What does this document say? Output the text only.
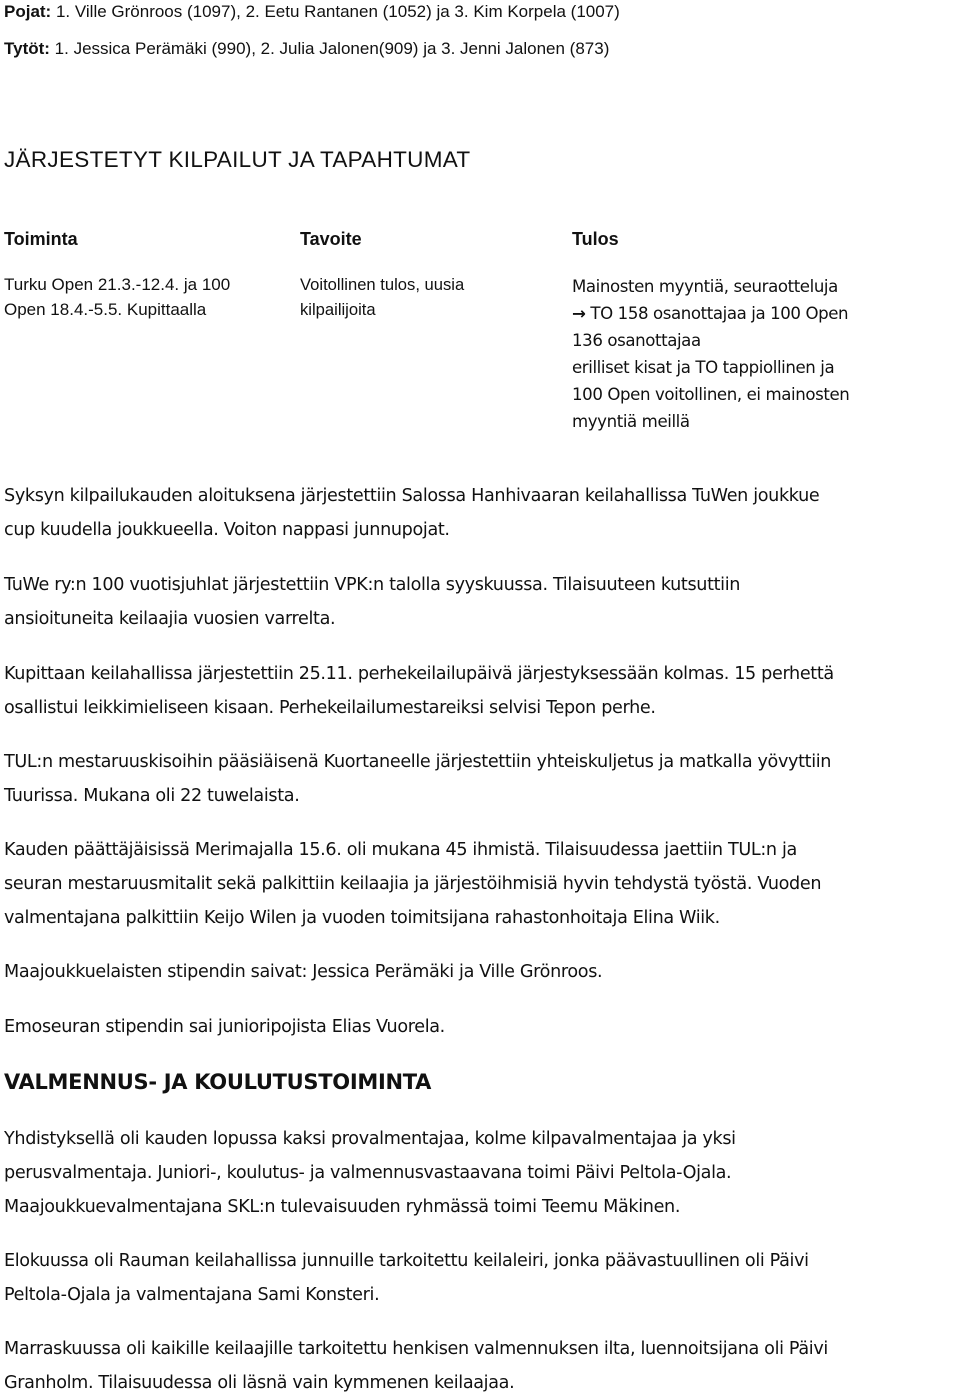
Pojat: 1. Ville Grönroos (1097), 2. Eetu Rantanen (1052) ja 3. Kim Korpela (1007)
Tytöt: 1. Jessica Perämäki (990), 2. Julia Jalonen(909) ja 3. Jenni Jalonen (873)
JÄRJESTETYT KILPAILUT JA TAPAHTUMAT
Toiminta	Tavoite	Tulos
Turku Open 21.3.-12.4. ja 100
Open 18.4.-5.5. Kupittaalla
Voitollinen tulos, uusia
kilpailijoita
Mainosten myyntiä, seuraotteluja
→ TO 158 osanottajaa ja 100 Open
136 osanottajaa
erilliset kisat ja TO tappiollinen ja
100 Open voitollinen, ei mainosten
myyntiä meillä
Syksyn kilpailukauden aloituksena järjestettiin Salossa Hanhivaaran keilahallissa TuWen joukkue
cup kuudella joukkueella. Voiton nappasi junnupojat.
TuWe ry:n 100 vuotisjuhlat järjestettiin VPK:n talolla syyskuussa. Tilaisuuteen kutsuttiin
ansioituneita keilaajia vuosien varrelta.
Kupittaan keilahallissa järjestettiin 25.11. perhekeilailupäivä järjestyksessään kolmas. 15 perhettä
osallistui leikkimieliseen kisaan. Perhekeilailumestareiksi selvisi Tepon perhe.
TUL:n mestaruuskisoihin pääsiäisenä Kuortaneelle järjestettiin yhteiskuljetus ja matkalla yövyttiin
Tuurissa. Mukana oli 22 tuwelaista.
Kauden päättäjäisissä Merimajalla 15.6. oli mukana 45 ihmistä. Tilaisuudessa jaettiin TUL:n ja
seuran mestaruusmitalit sekä palkittiin keilaajia ja järjestöihmisiä hyvin tehdystä työstä. Vuoden
valmentajana palkittiin Keijo Wilen ja vuoden toimitsijana rahastonhoitaja Elina Wiik.
Maajoukkuelaisten stipendin saivat: Jessica Perämäki ja Ville Grönroos.
Emoseuran stipendin sai junioripojista Elias Vuorela.
VALMENNUS- JA KOULUTUSTOIMINTA
Yhdistyksellä oli kauden lopussa kaksi provalmentajaa, kolme kilpavalmentajaa ja yksi
perusvalmentaja. Juniori-, koulutus- ja valmennusvastaavana toimi Päivi Peltola-Ojala.
Maajoukkuevalmentajana SKL:n tulevaisuuden ryhmässä toimi Teemu Mäkinen.
Elokuussa oli Rauman keilahallissa junnuille tarkoitettu keilaleiri, jonka päävastuullinen oli Päivi
Peltola-Ojala ja valmentajana Sami Konsteri.
Marraskuussa oli kaikille keilaajille tarkoitettu henkisen valmennuksen ilta, luennoitsijana oli Päivi
Granholm. Tilaisuudessa oli läsnä vain kymmenen keilaajaa.
